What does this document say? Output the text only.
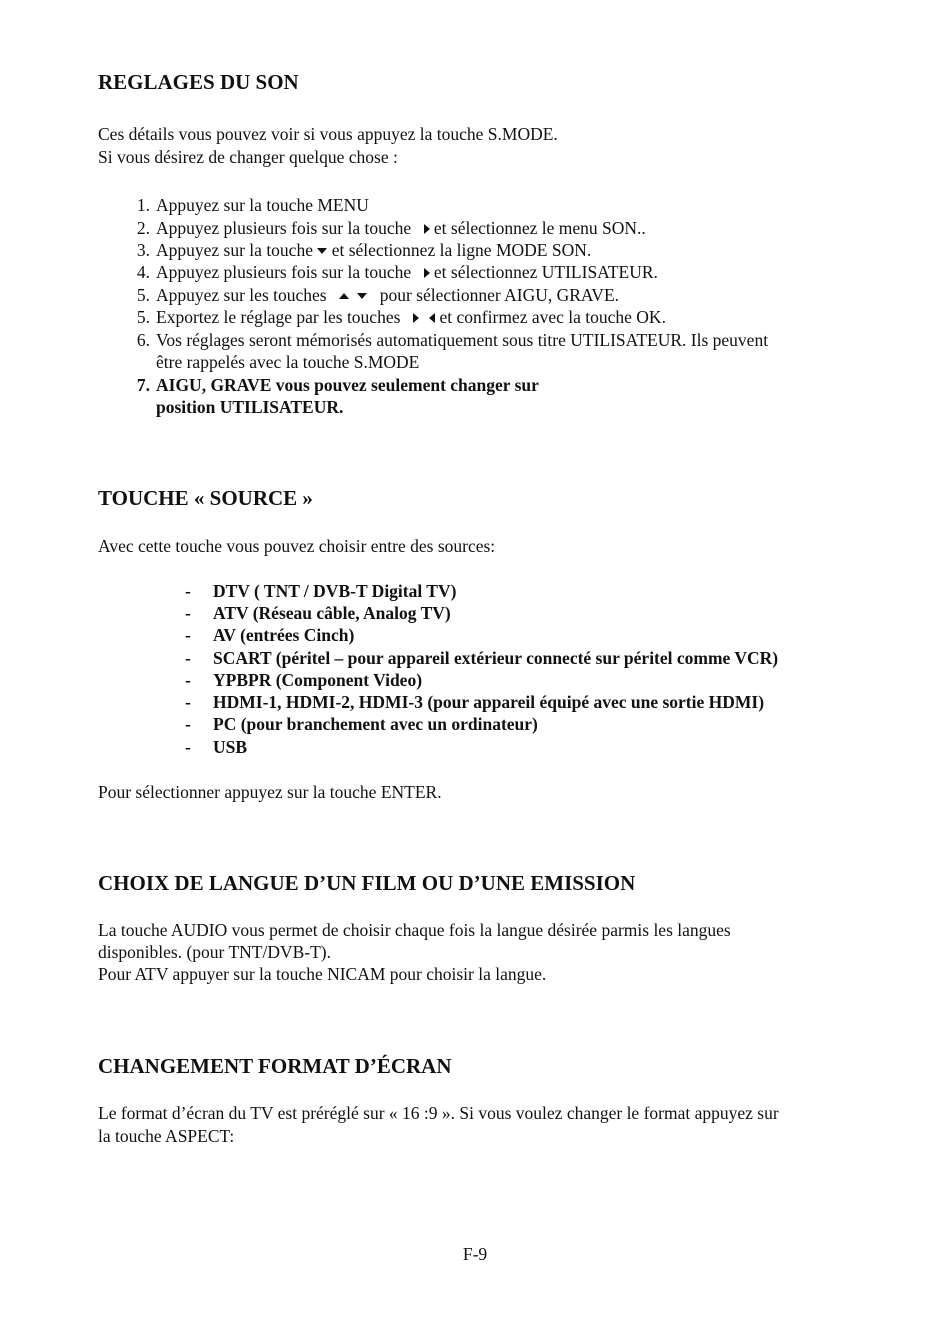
REGLAGES DU SON

Ces détails vous pouvez voir si vous appuyez la touche S.MODE.

Si vous désirez de changer quelque chose :

1. Appuyez sur la touche MENU
2. Appuyez plusieurs fois sur la touche et sélectionnez le menu SON..
3. Appuyez sur la touche et sélectionnez la ligne MODE SON.
4. Appuyez plusieurs fois sur la touche et sélectionnez UTILISATEUR.
5. Appuyez sur les touches	pour sélectionner AIGU, GRAVE.
5. Exportez le réglage par les touches et confirmez avec la touche OK.
6. Vos réglages seront mémorisés automatiquement sous titre UTILISATEUR. Ils peuvent
être rappelés avec la touche S.MODE
7. AIGU, GRAVE vous pouvez seulement changer sur
position UTILISATEUR.
TOUCHE « SOURCE »

Avec cette touche vous pouvez choisir entre des sources:

- DTV ( TNT / DVB-T Digital TV)
- ATV (Réseau câble, Analog TV)
- AV (entrées Cinch)
- SCART (péritel – pour appareil extérieur connecté sur péritel comme VCR)
- YPBPR (Component Video)
- HDMI-1, HDMI-2, HDMI-3 (pour appareil équipé avec une sortie HDMI)
- PC (pour branchement avec un ordinateur)
- USB

Pour sélectionner appuyez sur la touche ENTER.

CHOIX DE LANGUE D’UN FILM OU D’UNE EMISSION

La touche AUDIO vous permet de choisir chaque fois la langue désirée parmis les langues

disponibles. (pour TNT/DVB-T).

Pour ATV appuyer sur la touche NICAM pour choisir la langue.

CHANGEMENT FORMAT D’ÉCRAN

Le format d’écran du TV est préréglé sur « 16 :9 ». Si vous voulez changer le format appuyez sur

la touche ASPECT:

F-9
